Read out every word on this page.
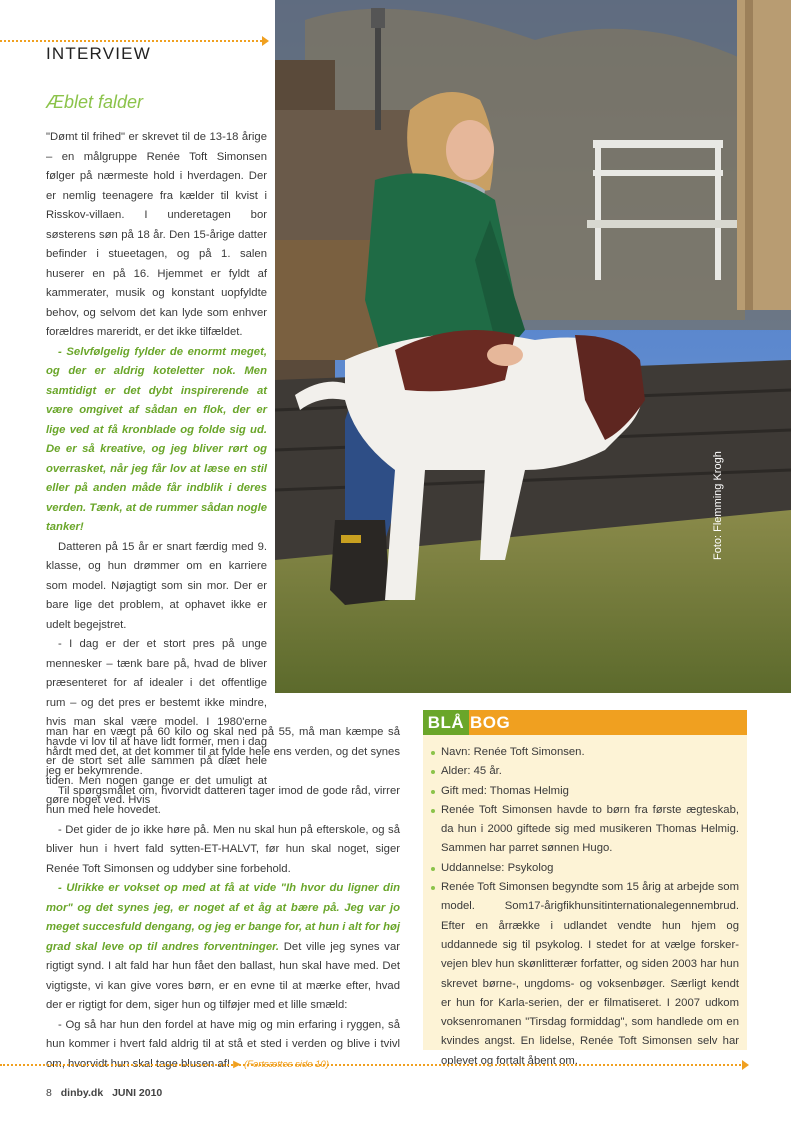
INTERVIEW
Æblet falder

"Dømt til frihed" er skrevet til de 13-18 årige – en målgruppe Renée Toft Simonsen følger på nærmeste hold i hverdagen. Der er nemlig teenagere fra kælder til kvist i Risskov-villaen. I underetagen bor søsterens søn på 18 år. Den 15-årige datter befinder i stueetagen, og på 1. salen huserer en på 16. Hjemmet er fyldt af kammerater, musik og konstant uopfyldte behov, og selvom det kan lyde som enhver forældres mareridt, er det ikke tilfældet.

- Selvfølgelig fylder de enormt meget, og der er aldrig koteletter nok. Men samtidigt er det dybt inspirerende at være omgivet af sådan en flok, der er lige ved at få kronblade og folde sig ud. De er så kreative, og jeg bliver rørt og overrasket, når jeg får lov at læse en stil eller på anden måde får indblik i deres verden. Tænk, at de rummer sådan nogle tanker!

Datteren på 15 år er snart færdig med 9. klasse, og hun drømmer om en karriere som model. Nøjagtigt som sin mor. Der er bare lige det problem, at ophavet ikke er udelt begejstret.

- I dag er der et stort pres på unge mennesker – tænk bare på, hvad de bliver præsenteret for af idealer i det offentlige rum – og det pres er bestemt ikke mindre, hvis man skal være model. I 1980'erne havde vi lov til at have lidt former, men i dag er de stort set alle sammen på diæt hele tiden. Men nogen gange er det umuligt at gøre noget ved. Hvis

man har en vægt på 60 kilo og skal ned på 55, må man kæmpe så hårdt med det, at det kommer til at fylde hele ens verden, og det synes jeg er bekymrende.

Til spørgsmålet om, hvorvidt datteren tager imod de gode råd, virrer hun med hele hovedet.

- Det gider de jo ikke høre på. Men nu skal hun på efterskole, og så bliver hun i hvert fald sytten-ET-HALVT, før hun skal noget, siger Renée Toft Simonsen og uddyber sine forbehold.

- Ulrikke er vokset op med at få at vide "Ih hvor du ligner din mor" og det synes jeg, er noget af et åg at bære på. Jeg var jo meget succesfuld dengang, og jeg er bange for, at hun i alt for høj grad skal leve op til andres forventninger. Det ville jeg synes var rigtigt synd. I alt fald har hun fået den ballast, hun skal have med. Det vigtigste, vi kan give vores børn, er en evne til at mærke efter, hvad der er rigtigt for dem, siger hun og tilføjer med et lille smæld:

- Og så har hun den fordel at have mig og min erfaring i ryggen, så hun kommer i hvert fald aldrig til at stå et sted i verden og blive i tvivl om, hvorvidt hun skal tage blusen af! ▶ (Fortsættes side 10)

Foto: Flemming Krogh
BLÅ BOG
Navn: Renée Toft Simonsen.
Alder: 45 år.
Gift med: Thomas Helmig
Renée Toft Simonsen havde to børn fra første ægteskab, da hun i 2000 giftede sig med musikeren Thomas Helmig. Sammen har parret sønnen Hugo.
Uddannelse: Psykolog
Renée Toft Simonsen begyndte som 15 årig at arbejde som model. Som17-årigfikhunsitinternationalegennembrud. Efter en årrække i udlandet vendte hun hjem og uddannede sig til psykolog. I stedet for at vælge forsker-vejen blev hun skønlitterær forfatter, og siden 2003 har hun skrevet børne-, ungdoms- og voksenbøger. Særligt kendt er hun for Karla-serien, der er filmatiseret. I 2007 udkom voksenromanen "Tirsdag formiddag", som handlede om en kvindes angst. En lidelse, Renée Toft Simonsen selv har oplevet og fortalt åbent om.
8 dinby.dk JUNI 2010
